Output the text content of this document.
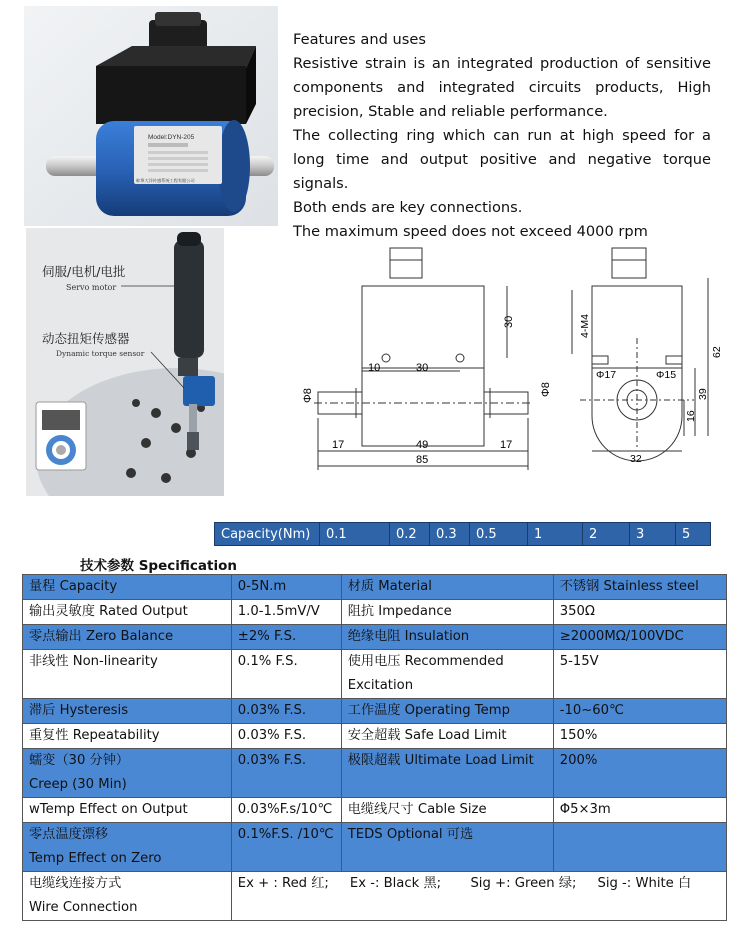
Model:DYN-205
蚌埠大洋传感系统工程有限公司
伺服/电机/电批
Servo motor
动态扭矩传感器
Dynamic torque sensor

Features and uses

Resistive strain is an integrated production of sensitive components and integrated circuits products, High precision, Stable and reliable performance.

The collecting ring which can run at high speed for a long time and output positive and negative torque signals.

Both ends are key connections.

The maximum speed does not exceed 4000 rpm

30
10	30
Φ8	Φ8
17	49	17
85
4-M4
62
39
16
Φ17	Φ15
32
Capacity(Nm)	0.1	0.2	0.3	0.5	1	2	3	5
技术参数 Specification
量程 Capacity	0-5N.m	材质 Material	不锈钢 Stainless steel
输出灵敏度 Rated Output	1.0-1.5mV/V	阻抗 Impedance	350Ω
零点输出 Zero Balance	±2% F.S.	绝缘电阻 Insulation	≥2000MΩ/100VDC
非线性 Non-linearity	0.1% F.S.	使用电压 Recommended Excitation	5-15V
滞后 Hysteresis	0.03% F.S.	工作温度 Operating Temp	-10~60℃
重复性 Repeatability	0.03% F.S.	安全超载 Safe Load Limit	150%

蠕变（30 分钟）
Creep (30 Min)	0.03% F.S.	极限超载 Ultimate Load Limit	200%
wTemp Effect on Output	0.03%F.s/10℃	电缆线尺寸 Cable Size	Φ5×3m

零点温度漂移
Temp Effect on Zero	0.1%F.S. /10℃	TEDS Optional 可选	

电缆线连接方式
Wire Connection	Ex + : Red 红; Ex -: Black 黑; Sig +: Green 绿; Sig -: White 白		
